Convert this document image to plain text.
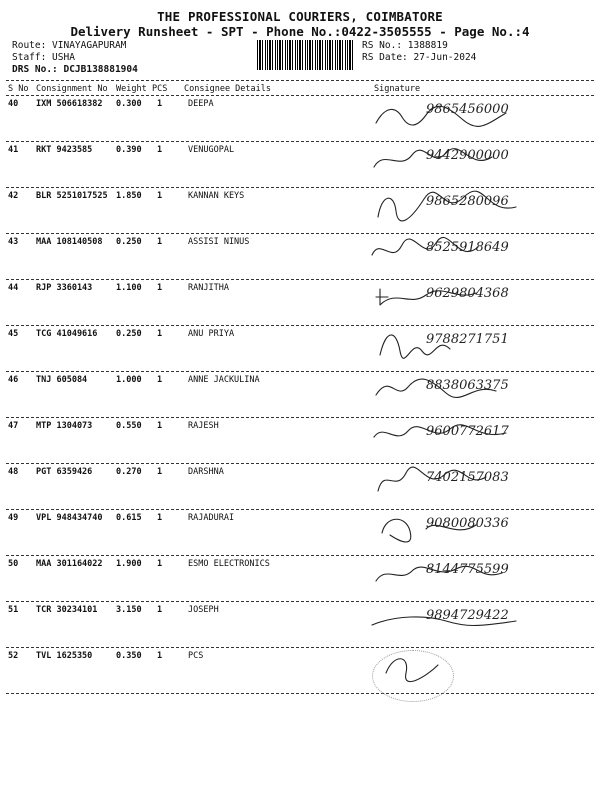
THE PROFESSIONAL COURIERS, COIMBATORE
Delivery Runsheet - SPT - Phone No.:0422-3505555 - Page No.:4
Route: VINAYAGAPURAM
Staff: USHA
DRS No.: DCJB138881904
RS No.: 1388819
RS Date: 27-Jun-2024
S No Consignment No Weight PCS Consignee Details	Signature
40 IXM 506618382 0.300 1	DEEPA	9865456000
41 RKT 9423585	0.390 1	VENUGOPAL	9442900000
42 BLR 5251017525 1.850 1	KANNAN KEYS	9865280096
43 MAA 108140508 0.250 1	ASSISI NINUS	8525918649
44 RJP 3360143	1.100 1	RANJITHA	9629804368
45 TCG 41049616 0.250 1	ANU PRIYA	9788271751
46 TNJ 605084	1.000 1	ANNE JACKULINA	8838063375
47 MTP 1304073	0.550 1	RAJESH	9600772617
48 PGT 6359426	0.270 1	DARSHNA	7402157083
49 VPL 948434740 0.615 1	RAJADURAI	9080080336
50 MAA 301164022 1.900 1	ESMO ELECTRONICS	8144775599
51 TCR 30234101 3.150 1	JOSEPH	9894729422
52 TVL 1625350	0.350 1	PCS
